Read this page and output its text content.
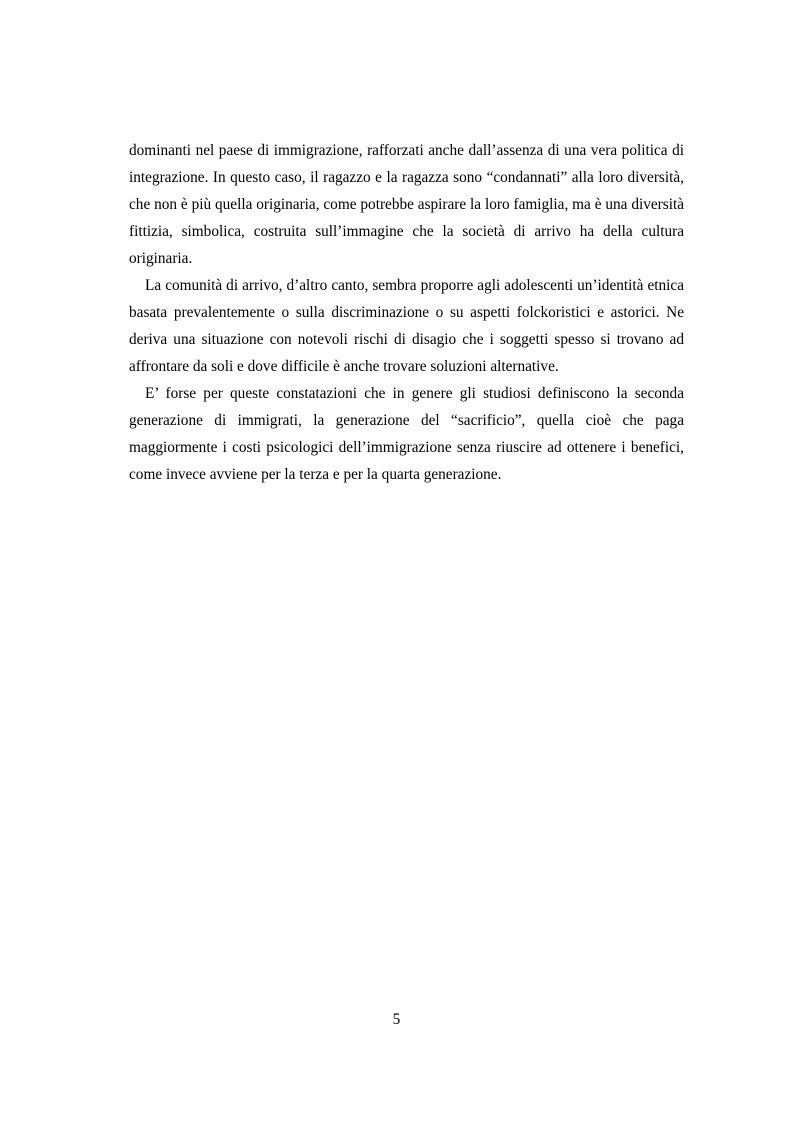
dominanti nel paese di immigrazione, rafforzati anche dall’assenza di una vera politica di integrazione. In questo caso, il ragazzo e la ragazza sono “condannati” alla loro diversità, che non è più quella originaria, come potrebbe aspirare la loro famiglia, ma è una diversità fittizia, simbolica, costruita sull’immagine che la società di arrivo ha della cultura originaria.

La comunità di arrivo, d’altro canto, sembra proporre agli adolescenti un’identità etnica basata prevalentemente o sulla discriminazione o su aspetti folckoristici e astorici. Ne deriva una situazione con notevoli rischi di disagio che i soggetti spesso si trovano ad affrontare da soli e dove difficile è anche trovare soluzioni alternative.

E’ forse per queste constatazioni che in genere gli studiosi definiscono la seconda generazione di immigrati, la generazione del “sacrificio”, quella cioè che paga maggiormente i costi psicologici dell’immigrazione senza riuscire ad ottenere i benefici, come invece avviene per la terza e per la quarta generazione.

5
